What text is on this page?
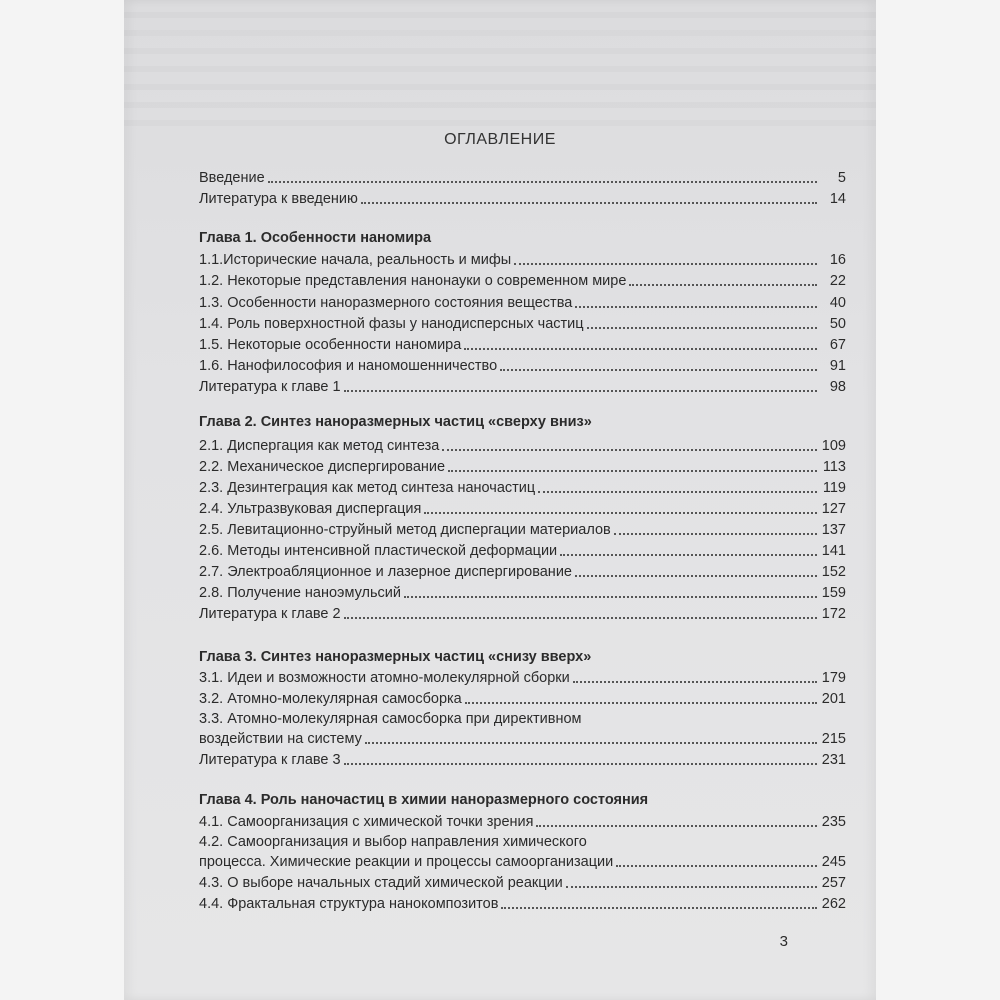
ОГЛАВЛЕНИЕ
Введение	5
Литература к введению	14
Глава 1. Особенности наномира
1.1.Исторические начала, реальность и мифы	16
1.2. Некоторые представления нанонауки о современном мире	22
1.3. Особенности наноразмерного состояния вещества	40
1.4. Роль поверхностной фазы у нанодисперсных частиц	50
1.5. Некоторые особенности наномира	67
1.6. Нанофилософия и наномошенничество	91
Литература к главе 1	98
Глава 2. Синтез наноразмерных частиц «сверху вниз»
2.1. Диспергация как метод синтеза	109
2.2. Механическое диспергирование	113
2.3. Дезинтеграция как метод синтеза наночастиц	119
2.4. Ультразвуковая диспергация	127
2.5. Левитационно-струйный метод диспергации материалов	137
2.6. Методы интенсивной пластической деформации	141
2.7. Электроабляционное и лазерное диспергирование	152
2.8. Получение наноэмульсий	159
Литература к главе 2	172
Глава 3. Синтез наноразмерных частиц «снизу вверх»
3.1. Идеи и возможности атомно-молекулярной сборки	179
3.2. Атомно-молекулярная самосборка	201
3.3. Атомно-молекулярная самосборка при директивном
воздействии на систему	215
Литература к главе 3	231
Глава 4. Роль наночастиц в химии наноразмерного состояния
4.1. Самоорганизация с химической точки зрения	235
4.2. Самоорганизация и выбор направления химического
процесса. Химические реакции и процессы самоорганизации	245
4.3. О выборе начальных стадий химической реакции	257
4.4. Фрактальная структура нанокомпозитов	262
3
